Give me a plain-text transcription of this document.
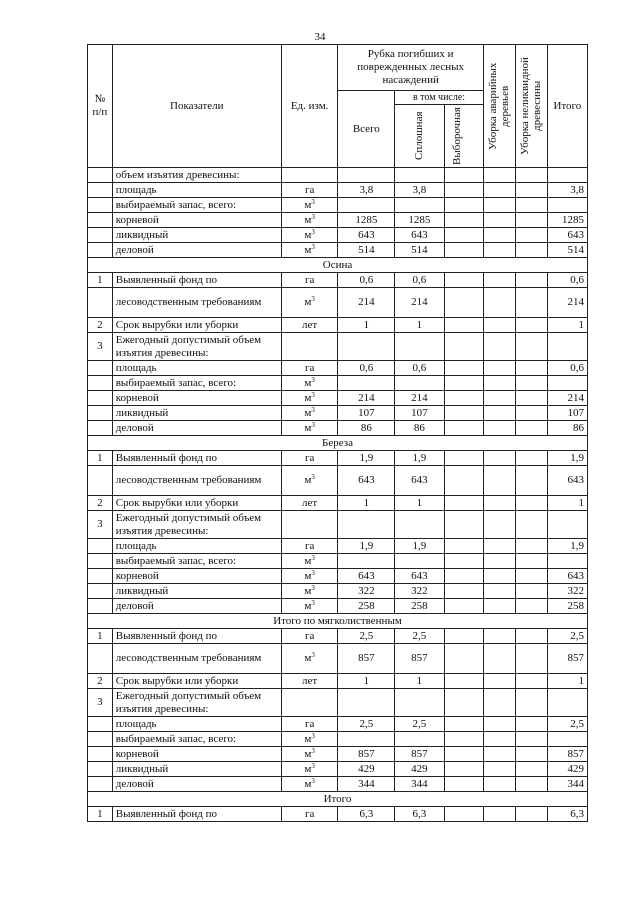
34
№ п/п	Показатели	Ед. изм.	Рубка погибших и поврежденных лесных насаждений			Уборка аварийных деревьев	Уборка неликвидной древесины	Итого
			Всего	в том числе:				

				Сплошная	Выборочная			

	объем изъятия древесины:							
	площадь	га	3,8	3,8				3,8
	выбираемый запас, всего:	$м^3$						
	корневой	$м^3$	1285	1285				1285
	ликвидный	$м^3$	643	643				643
	деловой	$м^3$	514	514				514
Осина								
1	Выявленный фонд по	га	0,6	0,6				0,6
	лесоводственным требованиям	$м^3$	214	214				214
2	Срок вырубки или уборки	лет	1	1				1
3	Ежегодный допустимый объем изъятия древесины:							
	площадь	га	0,6	0,6				0,6
	выбираемый запас, всего:	$м^3$						
	корневой	$м^3$	214	214				214
	ликвидный	$м^3$	107	107				107
	деловой	$м^3$	86	86				86
Береза								
1	Выявленный фонд по	га	1,9	1,9				1,9
	лесоводственным требованиям	$м^3$	643	643				643
2	Срок вырубки или уборки	лет	1	1				1
3	Ежегодный допустимый объем изъятия древесины:							
	площадь	га	1,9	1,9				1,9
	выбираемый запас, всего:	$м^3$						
	корневой	$м^3$	643	643				643
	ликвидный	$м^3$	322	322				322
	деловой	$м^3$	258	258				258
Итого по мягколиственным								
1	Выявленный фонд по	га	2,5	2,5				2,5
	лесоводственным требованиям	$м^3$	857	857				857
2	Срок вырубки или уборки	лет	1	1				1
3	Ежегодный допустимый объем изъятия древесины:							
	площадь	га	2,5	2,5				2,5
	выбираемый запас, всего:	$м^3$						
	корневой	$м^3$	857	857				857
	ликвидный	$м^3$	429	429				429
	деловой	$м^3$	344	344				344
Итого								
1	Выявленный фонд по	га	6,3	6,3				6,3
